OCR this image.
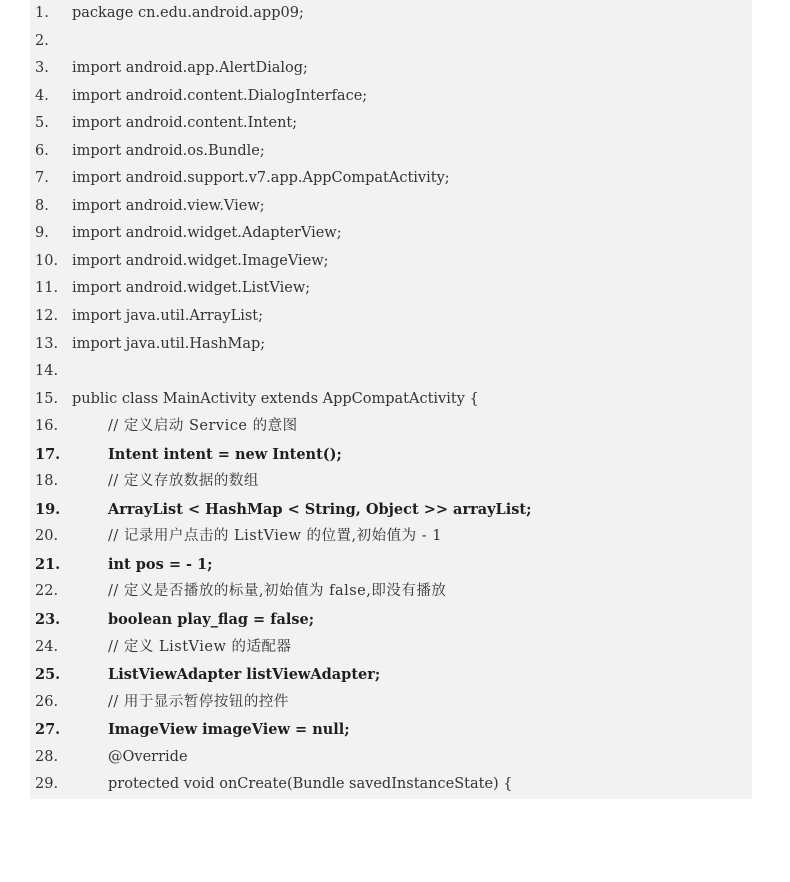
1.

	package cn.edu.android.app09;

2.

3.

	import android.app.AlertDialog;

4.

	import android.content.DialogInterface;

5.

	import android.content.Intent;

6.

	import android.os.Bundle;

7.

	import android.support.v7.app.AppCompatActivity;

8.

	import android.view.View;

9.

	import android.widget.AdapterView;

10.

import android.widget.ImageView;

11.

import android.widget.ListView;

12.

import java.util.ArrayList;

13.

import java.util.HashMap;

14.

15.

public class MainActivity extends AppCompatActivity {

16.

	// 定义启动 Service 的意图

17.

	Intent intent = new Intent();

18.

	// 定义存放数据的数组

19.

	ArrayList < HashMap < String, Object >> arrayList;

20.

	// 记录用户点击的 ListView 的位置,初始值为 - 1

21.

	int pos = - 1;

22.

	// 定义是否播放的标量,初始值为 false,即没有播放

23.

	boolean play_flag = false;

24.

	// 定义 ListView 的适配器

25.

	ListViewAdapter listViewAdapter;

26.

	// 用于显示暂停按钮的控件

27.

	ImageView imageView = null;

28.

	@Override

29.

	protected void onCreate(Bundle savedInstanceState) {
